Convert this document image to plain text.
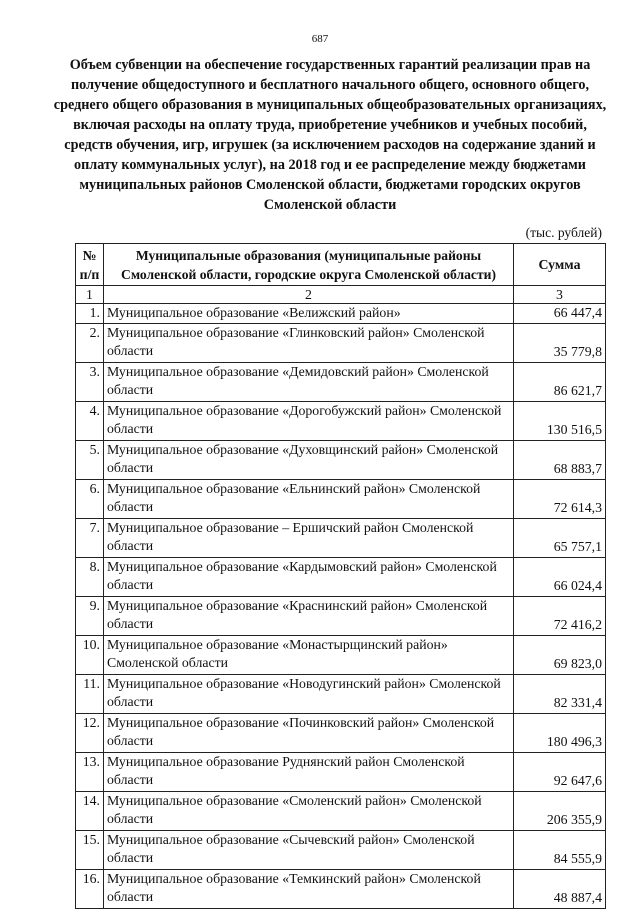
687
Объем субвенции на обеспечение государственных гарантий реализации прав на получение общедоступного и бесплатного начального общего, основного общего, среднего общего образования в муниципальных общеобразовательных организациях, включая расходы на оплату труда, приобретение учебников и учебных пособий, средств обучения, игр, игрушек (за исключением расходов на содержание зданий и оплату коммунальных услуг), на 2018 год и ее распределение между бюджетами муниципальных районов Смоленской области, бюджетами городских округов Смоленской области
(тыс. рублей)
№ п/п	Муниципальные образования (муниципальные районы Смоленской области, городские округа Смоленской области)	Сумма
1	2	3
1.	Муниципальное образование «Велижский район»	66 447,4
2.	Муниципальное образование «Глинковский район» Смоленской области	35 779,8
3.	Муниципальное образование «Демидовский район» Смоленской области	86 621,7
4.	Муниципальное образование «Дорогобужский район» Смоленской области	130 516,5
5.	Муниципальное образование «Духовщинский район» Смоленской области	68 883,7
6.	Муниципальное образование «Ельнинский район» Смоленской области	72 614,3
7.	Муниципальное образование – Ершичский район Смоленской области	65 757,1
8.	Муниципальное образование «Кардымовский район» Смоленской области	66 024,4
9.	Муниципальное образование «Краснинский район» Смоленской области	72 416,2
10.	Муниципальное образование «Монастырщинский район» Смоленской области	69 823,0
11.	Муниципальное образование «Новодугинский район» Смоленской области	82 331,4
12.	Муниципальное образование «Починковский район» Смоленской области	180 496,3
13.	Муниципальное образование Руднянский район Смоленской области	92 647,6
14.	Муниципальное образование «Смоленский район» Смоленской области	206 355,9
15.	Муниципальное образование «Сычевский район» Смоленской области	84 555,9
16.	Муниципальное образование «Темкинский район» Смоленской области	48 887,4
